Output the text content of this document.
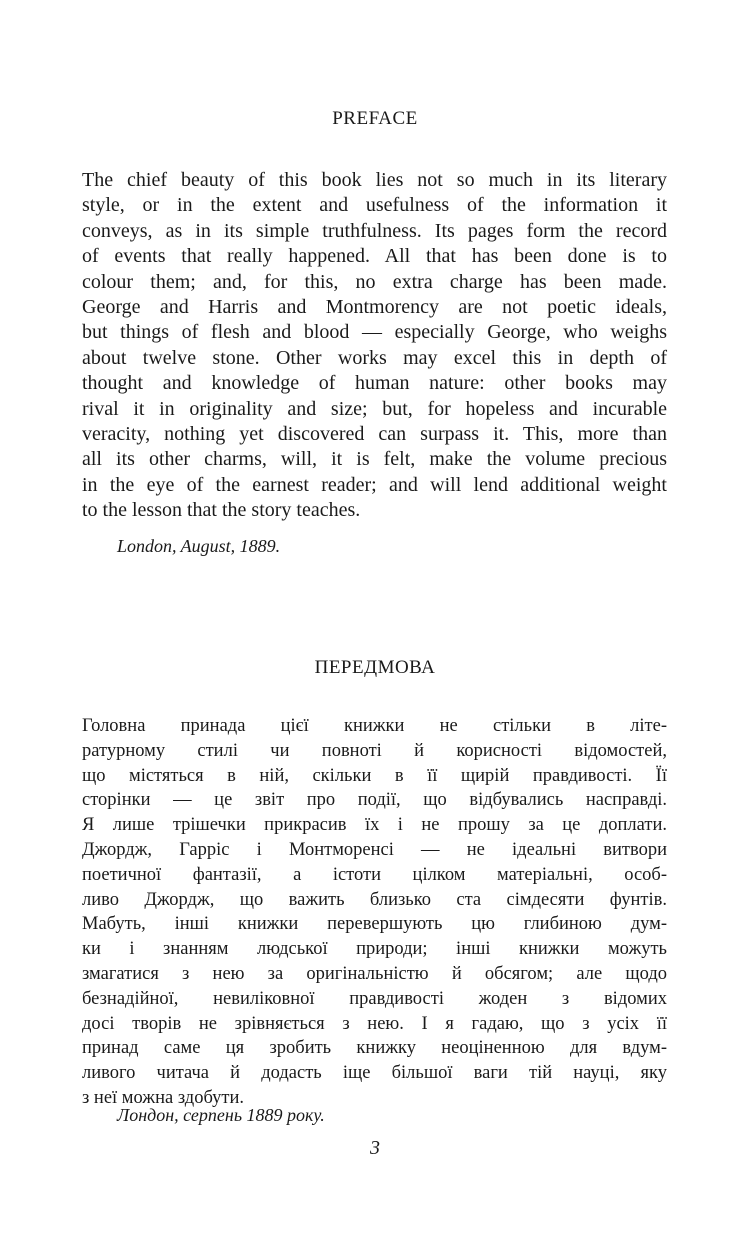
PREFACE

The chief beauty of this book lies not so much in its literary
style, or in the extent and usefulness of the information it
conveys, as in its simple truthfulness. Its pages form the record
of events that really happened. All that has been done is to
colour them; and, for this, no extra charge has been made.
George and Harris and Montmorency are not poetic ideals,
but things of flesh and blood — especially George, who weighs
about twelve stone. Other works may excel this in depth of
thought and knowledge of human nature: other books may
rival it in originality and size; but, for hopeless and incurable
veracity, nothing yet discovered can surpass it. This, more than
all its other charms, will, it is felt, make the volume precious
in the eye of the earnest reader; and will lend additional weight
to the lesson that the story teaches.

London, August, 1889.

ПЕРЕДМОВА

Головна принада цієї книжки не стільки в літе-
ратурному стилі чи повноті й корисності відомостей,
що містяться в ній, скільки в її щирій правдивості. Її
сторінки — це звіт про події, що відбувались насправді.
Я лише трішечки прикрасив їх і не прошу за це доплати.
Джордж, Гарріс і Монтморенсі — не ідеальні витвори
поетичної фантазії, а істоти цілком матеріальні, особ-
ливо Джордж, що важить близько ста сімдесяти фунтів.
Мабуть, інші книжки перевершують цю глибиною дум-
ки і знанням людської природи; інші книжки можуть
змагатися з нею за оригінальністю й обсягом; але щодо
безнадійної, невиліковної правдивості жоден з відомих
досі творів не зрівняється з нею. І я гадаю, що з усіх її
принад саме ця зробить книжку неоціненною для вдум-
ливого читача й додасть іще більшої ваги тій науці, яку
з неї можна здобути.

Лондон, серпень 1889 року.

3
